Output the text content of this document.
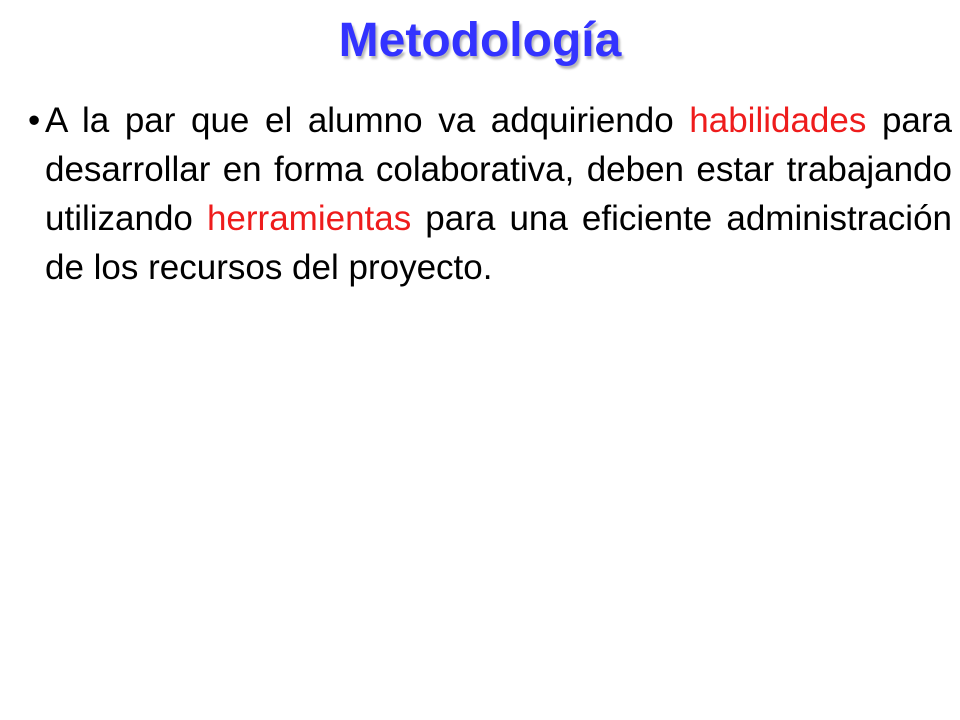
Metodología
• A la par que el alumno va adquiriendo habilidades para desarrollar en forma colaborativa, deben estar trabajando utilizando herramientas para una eficiente administración de los recursos del proyecto.
